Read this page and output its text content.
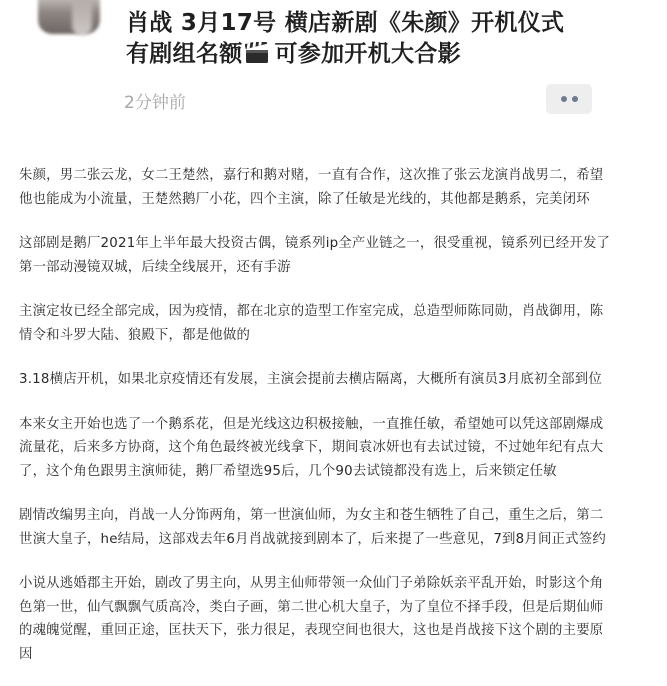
肖战 3月17号 横店新剧《朱颜》开机仪式
有剧组名额 可参加开机大合影
2分钟前

朱颜，男二张云龙，女二王楚然，嘉行和鹅对赌，一直有合作，这次推了张云龙演肖战男二，希望
他也能成为小流量，王楚然鹅厂小花，四个主演，除了任敏是光线的，其他都是鹅系，完美闭环

这部剧是鹅厂2021年上半年最大投资古偶，镜系列ip全产业链之一，很受重视，镜系列已经开发了
第一部动漫镜双城，后续全线展开，还有手游

主演定妆已经全部完成，因为疫情，都在北京的造型工作室完成，总造型师陈同勋，肖战御用，陈
情令和斗罗大陆、狼殿下，都是他做的

3.18横店开机，如果北京疫情还有发展，主演会提前去横店隔离，大概所有演员3月底初全部到位

本来女主开始也选了一个鹅系花，但是光线这边积极接触，一直推任敏，希望她可以凭这部剧爆成
流量花，后来多方协商，这个角色最终被光线拿下，期间袁冰妍也有去试过镜，不过她年纪有点大
了，这个角色跟男主演师徒，鹅厂希望选95后，几个90去试镜都没有选上，后来锁定任敏

剧情改编男主向，肖战一人分饰两角，第一世演仙师，为女主和苍生牺牲了自己，重生之后，第二
世演大皇子，he结局，这部戏去年6月肖战就接到剧本了，后来提了一些意见，7到8月间正式签约

小说从逃婚郡主开始，剧改了男主向，从男主仙师带领一众仙门子弟除妖亲平乱开始，时影这个角
色第一世，仙气飘飘气质高冷，类白子画，第二世心机大皇子，为了皇位不择手段，但是后期仙师
的魂魄觉醒，重回正途，匡扶天下，张力很足，表现空间也很大，这也是肖战接下这个剧的主要原
因
